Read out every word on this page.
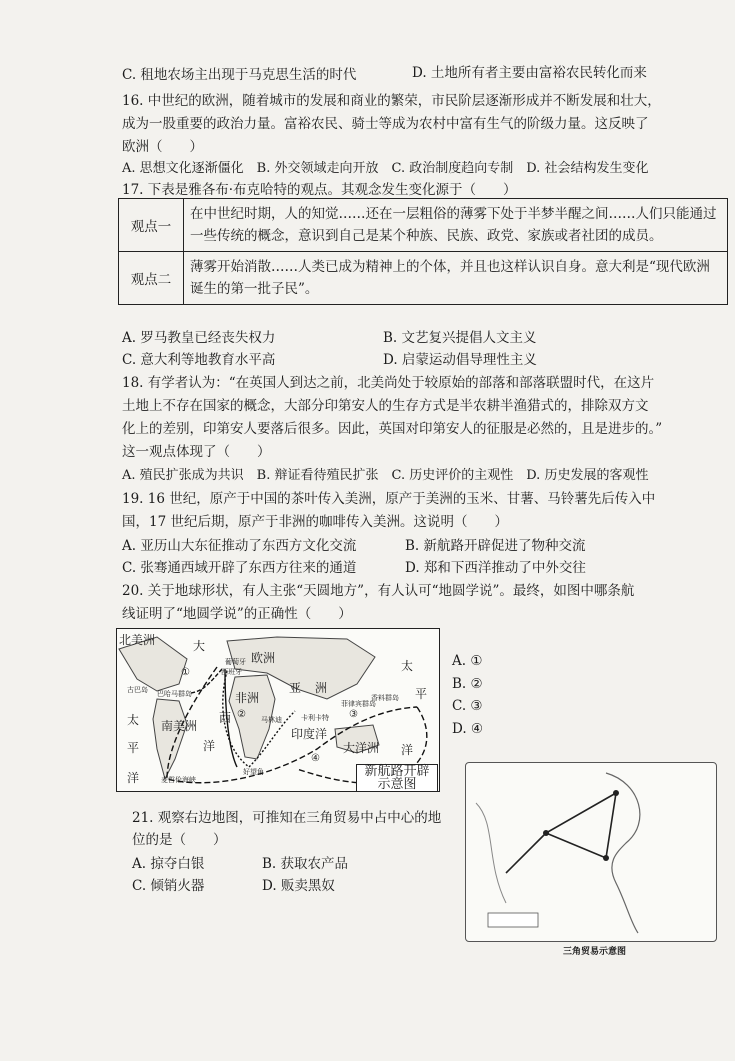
C. 租地农场主出现于马克思生活的时代	D. 土地所有者主要由富裕农民转化而来
16. 中世纪的欧洲，随着城市的发展和商业的繁荣，市民阶层逐渐形成并不断发展和壮大，
成为一股重要的政治力量。富裕农民、骑士等成为农村中富有生气的阶级力量。这反映了
欧洲（　　）
A. 思想文化逐渐僵化　B. 外交领域走向开放　C. 政治制度趋向专制　D. 社会结构发生变化
17. 下表是雅各布·布克哈特的观点。其观念发生变化源于（　　）
观点一	在中世纪时期，人的知觉……还在一层粗俗的薄雾下处于半梦半醒之间……人们只能通过一些传统的概念，意识到自己是某个种族、民族、政党、家族或者社团的成员。
观点二	薄雾开始消散……人类已成为精神上的个体，并且也这样认识自身。意大利是“现代欧洲诞生的第一批子民”。
A. 罗马教皇已经丧失权力	B. 文艺复兴提倡人文主义
C. 意大利等地教育水平高	D. 启蒙运动倡导理性主义
18. 有学者认为：“在英国人到达之前，北美尚处于较原始的部落和部落联盟时代，在这片
土地上不存在国家的概念，大部分印第安人的生存方式是半农耕半渔猎式的，排除双方文
化上的差别，印第安人要落后很多。因此，英国对印第安人的征服是必然的，且是进步的。”
这一观点体现了（　　）
A. 殖民扩张成为共识　B. 辩证看待殖民扩张　C. 历史评价的主观性　D. 历史发展的客观性
19. 16 世纪，原产于中国的茶叶传入美洲，原产于美洲的玉米、甘薯、马铃薯先后传入中
国，17 世纪后期，原产于非洲的咖啡传入美洲。这说明（　　）
A. 亚历山大东征推动了东西方文化交流	B. 新航路开辟促进了物种交流
C. 张骞通西域开辟了东西方往来的通道	D. 郑和下西洋推动了中外交往
20. 关于地球形状，有人主张“天圆地方”，有人认可“地圆学说”。最终，如图中哪条航
线证明了“地圆学说”的正确性（　　）
北美洲	大
欧洲
亚 洲
太
平
非洲
西
南美洲
太
平
洋
洋
印度洋
大洋洲 洋
葡萄牙
西班牙
古巴岛 巴哈马群岛
卡利卡特
马林迪
香料群岛
菲律宾群岛
好望角
麦哲伦海峡
①
②	③
④
新航路开辟
示意图
A. ①
B. ②
C. ③
D. ④
21. 观察右边地图，可推知在三角贸易中占中心的地
位的是（　　）
A. 掠夺白银	B. 获取农产品
C. 倾销火器	D. 贩卖黑奴
三角贸易示意图
